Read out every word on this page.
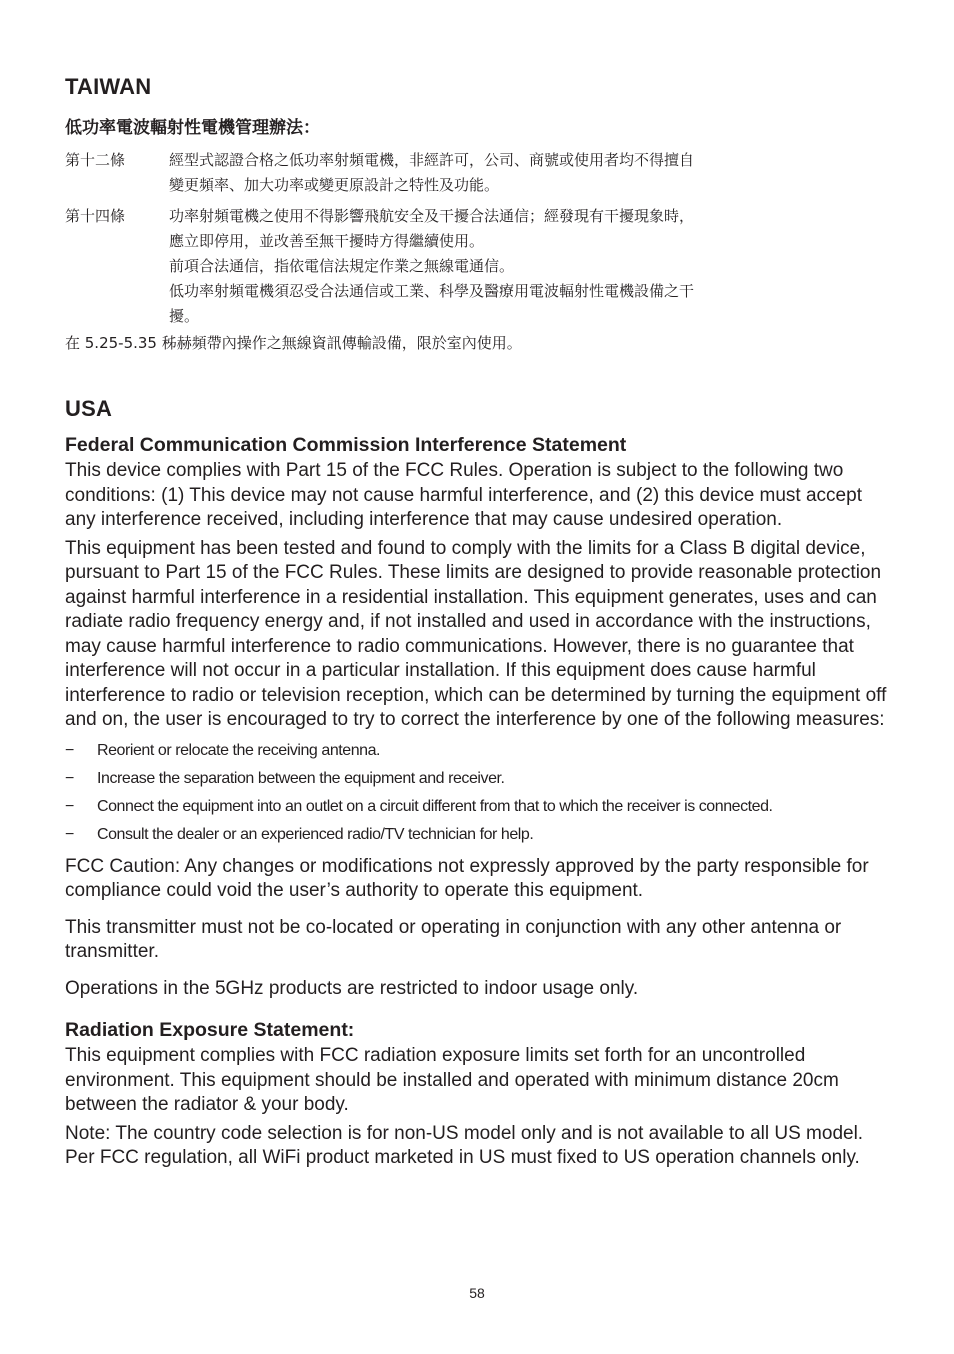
TAIWAN
低功率電波輻射性電機管理辦法：
第十二條	經型式認證合格之低功率射頻電機，非經許可，公司、商號或使用者均不得擅自

變更頻率、加大功率或變更原設計之特性及功能。

第十四條	功率射頻電機之使用不得影響飛航安全及干擾合法通信；經發現有干擾現象時，

應立即停用，並改善至無干擾時方得繼續使用。

前項合法通信，指依電信法規定作業之無線電通信。

低功率射頻電機須忍受合法通信或工業、科學及醫療用電波輻射性電機設備之干

擾。

在 5.25-5.35 秭赫頻帶內操作之無線資訊傳輸設備，限於室內使用。

USA
Federal Communication Commission Interference Statement

This device complies with Part 15 of the FCC Rules. Operation is subject to the following two conditions: (1) This device may not cause harmful interference, and (2) this device must accept any interference received, including interference that may cause undesired operation.

This equipment has been tested and found to comply with the limits for a Class B digital device, pursuant to Part 15 of the FCC Rules. These limits are designed to provide reasonable protection against harmful interference in a residential installation. This equipment generates, uses and can radiate radio frequency energy and, if not installed and used in accordance with the instructions, may cause harmful interference to radio communications. However, there is no guarantee that interference will not occur in a particular installation. If this equipment does cause harmful interference to radio or television reception, which can be determined by turning the equipment off and on, the user is encouraged to try to correct the interference by one of the following measures:

−	Reorient or relocate the receiving antenna.
−	Increase the separation between the equipment and receiver.
−	Connect the equipment into an outlet on a circuit different from that to which the receiver is connected.
−	Consult the dealer or an experienced radio/TV technician for help.

FCC Caution: Any changes or modifications not expressly approved by the party responsible for compliance could void the user’s authority to operate this equipment.

This transmitter must not be co-located or operating in conjunction with any other antenna or transmitter.

Operations in the 5GHz products are restricted to indoor usage only.

Radiation Exposure Statement:

This equipment complies with FCC radiation exposure limits set forth for an uncontrolled environment. This equipment should be installed and operated with minimum distance 20cm between the radiator & your body.

Note: The country code selection is for non-US model only and is not available to all US model. Per FCC regulation, all WiFi product marketed in US must fixed to US operation channels only.

58
